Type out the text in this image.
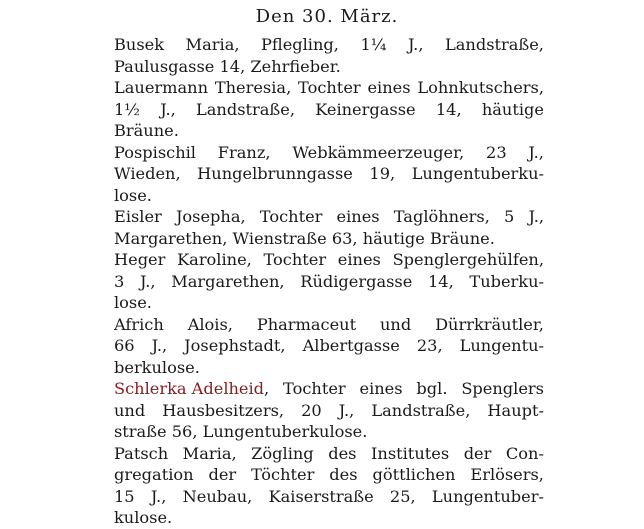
Den 30. März.
Busek Maria, Pflegling, 1¼ J., Landstraße,
Paulusgasse 14, Zehrfieber.
Lauermann Theresia, Tochter eines Lohnkutschers,
1½ J., Landstraße, Keinergasse 14, häutige
Bräune.
Pospischil Franz, Webkämmeerzeuger, 23 J.,
Wieden, Hungelbrunngasse 19, Lungentuberku-
lose.
Eisler Josepha, Tochter eines Taglöhners, 5 J.,
Margarethen, Wienstraße 63, häutige Bräune.
Heger Karoline, Tochter eines Spenglergehülfen,
3 J., Margarethen, Rüdigergasse 14, Tuberku-
lose.
Africh Alois, Pharmaceut und Dürrkräutler,
66 J., Josephstadt, Albertgasse 23, Lungentu-
berkulose.
Schlerka Adelheid, Tochter eines bgl. Spenglers
und Hausbesitzers, 20 J., Landstraße, Haupt-
straße 56, Lungentuberkulose.
Patsch Maria, Zögling des Institutes der Con-
gregation der Töchter des göttlichen Erlösers,
15 J., Neubau, Kaiserstraße 25, Lungentuber-
kulose.
